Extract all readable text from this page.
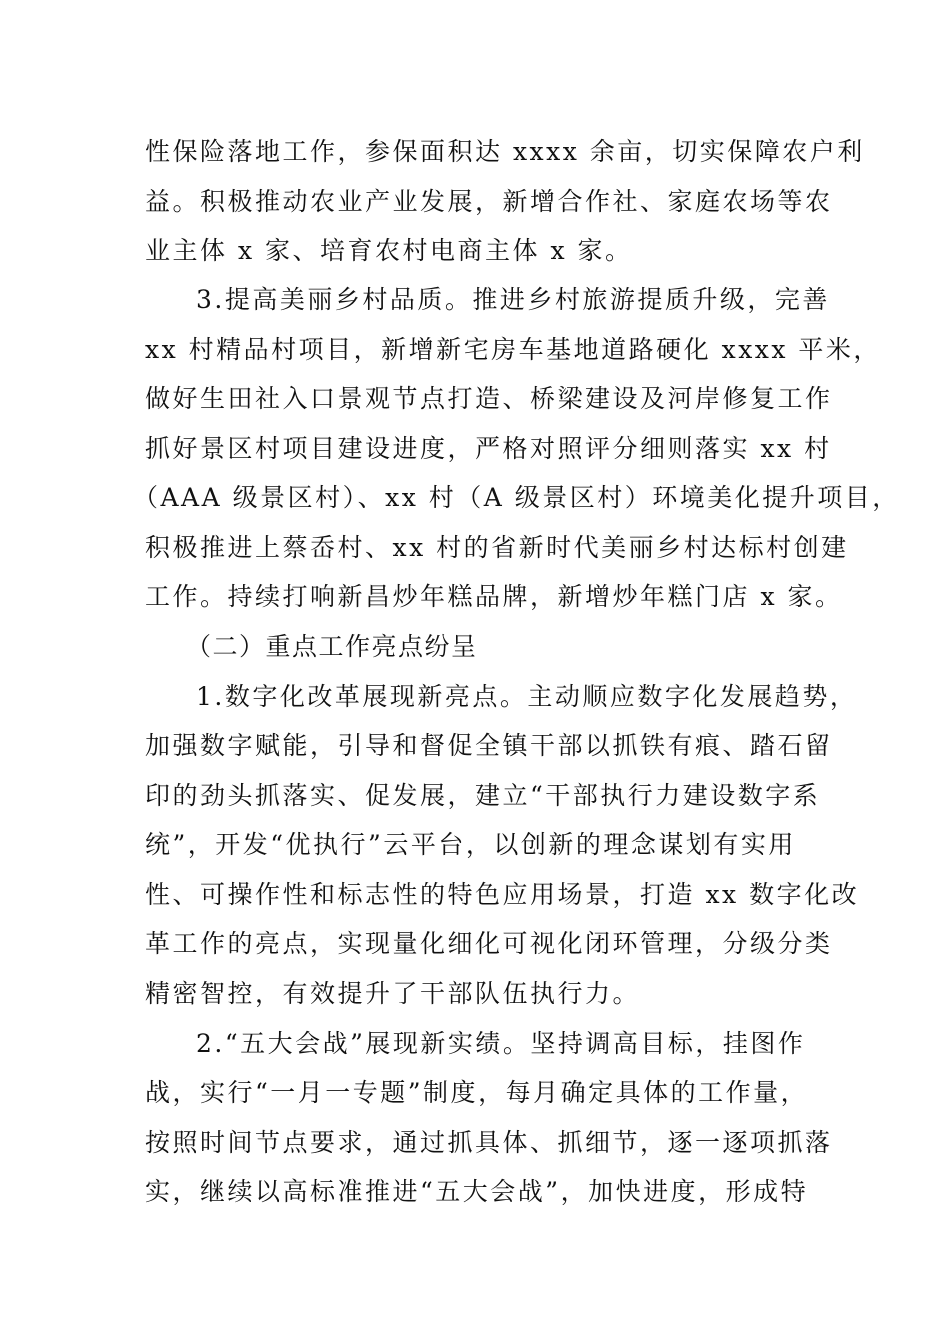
性保险落地工作，参保面积达 xxxx 余亩，切实保障农户利
益。积极推动农业产业发展，新增合作社、家庭农场等农
业主体 x 家、培育农村电商主体 x 家。
3.提高美丽乡村品质。推进乡村旅游提质升级，完善
xx 村精品村项目，新增新宅房车基地道路硬化 xxxx 平米，
做好生田社入口景观节点打造、桥梁建设及河岸修复工作
抓好景区村项目建设进度，严格对照评分细则落实 xx 村
（AAA 级景区村）、xx 村（A 级景区村）环境美化提升项目，
积极推进上蔡岙村、xx 村的省新时代美丽乡村达标村创建
工作。持续打响新昌炒年糕品牌，新增炒年糕门店 x 家。
（二）重点工作亮点纷呈
1.数字化改革展现新亮点。主动顺应数字化发展趋势，
加强数字赋能，引导和督促全镇干部以抓铁有痕、踏石留
印的劲头抓落实、促发展，建立“干部执行力建设数字系
统”，开发“优执行”云平台，以创新的理念谋划有实用
性、可操作性和标志性的特色应用场景，打造 xx 数字化改
革工作的亮点，实现量化细化可视化闭环管理，分级分类
精密智控，有效提升了干部队伍执行力。
2.“五大会战”展现新实绩。坚持调高目标，挂图作
战，实行“一月一专题”制度，每月确定具体的工作量，
按照时间节点要求，通过抓具体、抓细节，逐一逐项抓落
实，继续以高标准推进“五大会战”，加快进度，形成特
